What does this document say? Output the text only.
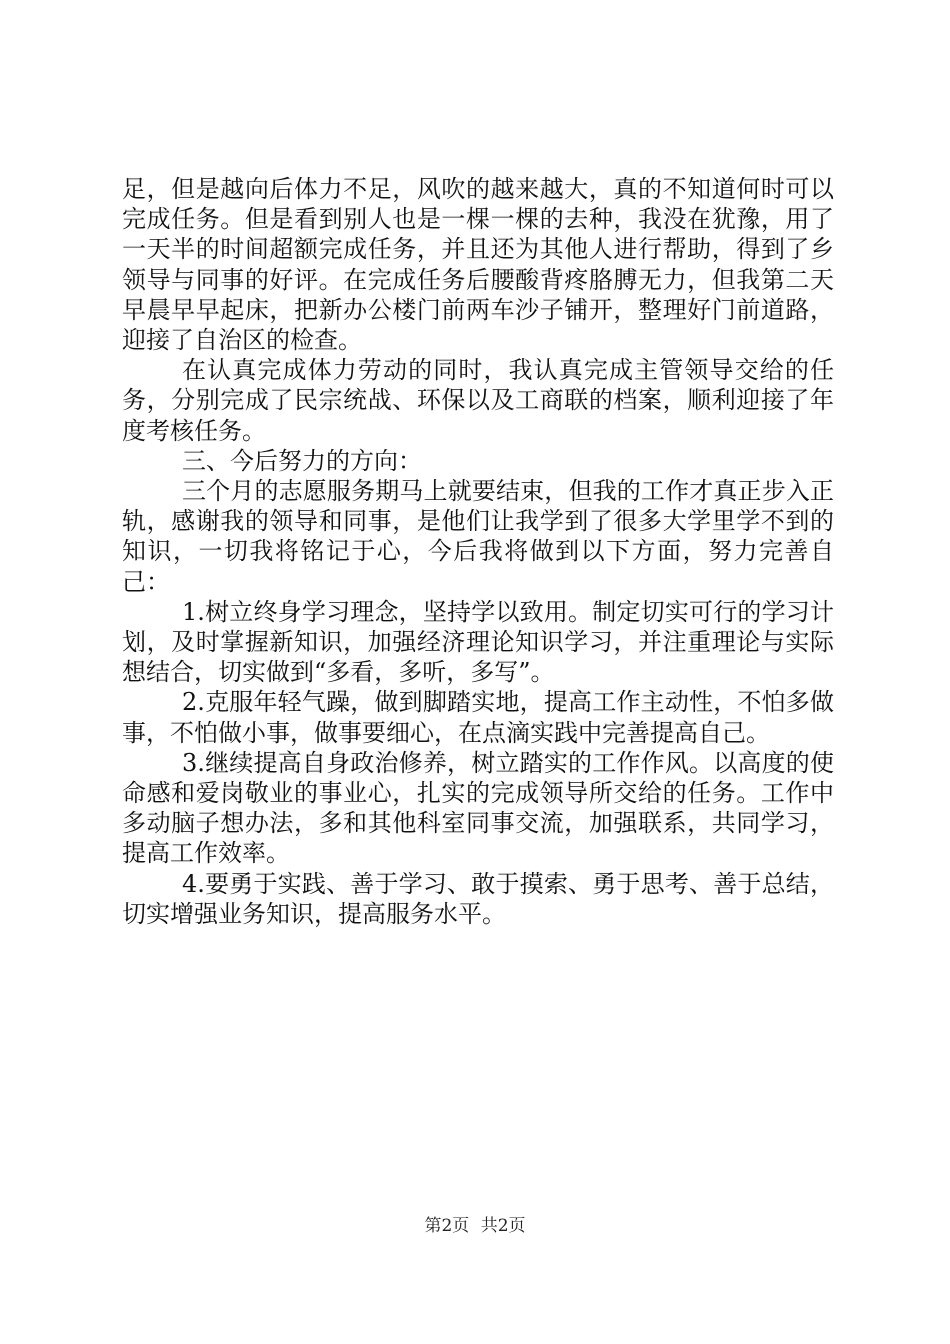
足，但是越向后体力不足，风吹的越来越大，真的不知道何时可以完成任务。但是看到别人也是一棵一棵的去种，我没在犹豫，用了一天半的时间超额完成任务，并且还为其他人进行帮助，得到了乡领导与同事的好评。在完成任务后腰酸背疼胳膊无力，但我第二天早晨早早起床，把新办公楼门前两车沙子铺开，整理好门前道路，迎接了自治区的检查。

在认真完成体力劳动的同时，我认真完成主管领导交给的任务，分别完成了民宗统战、环保以及工商联的档案，顺利迎接了年度考核任务。

三、今后努力的方向：

三个月的志愿服务期马上就要结束，但我的工作才真正步入正轨，感谢我的领导和同事，是他们让我学到了很多大学里学不到的知识，一切我将铭记于心，今后我将做到以下方面，努力完善自己：

1.树立终身学习理念，坚持学以致用。制定切实可行的学习计划，及时掌握新知识，加强经济理论知识学习，并注重理论与实际想结合，切实做到“多看，多听，多写”。

2.克服年轻气躁，做到脚踏实地，提高工作主动性，不怕多做事，不怕做小事，做事要细心，在点滴实践中完善提高自己。

3.继续提高自身政治修养，树立踏实的工作作风。以高度的使命感和爱岗敬业的事业心，扎实的完成领导所交给的任务。工作中多动脑子想办法，多和其他科室同事交流，加强联系，共同学习，提高工作效率。

4.要勇于实践、善于学习、敢于摸索、勇于思考、善于总结，切实增强业务知识，提高服务水平。

第2页 共2页
